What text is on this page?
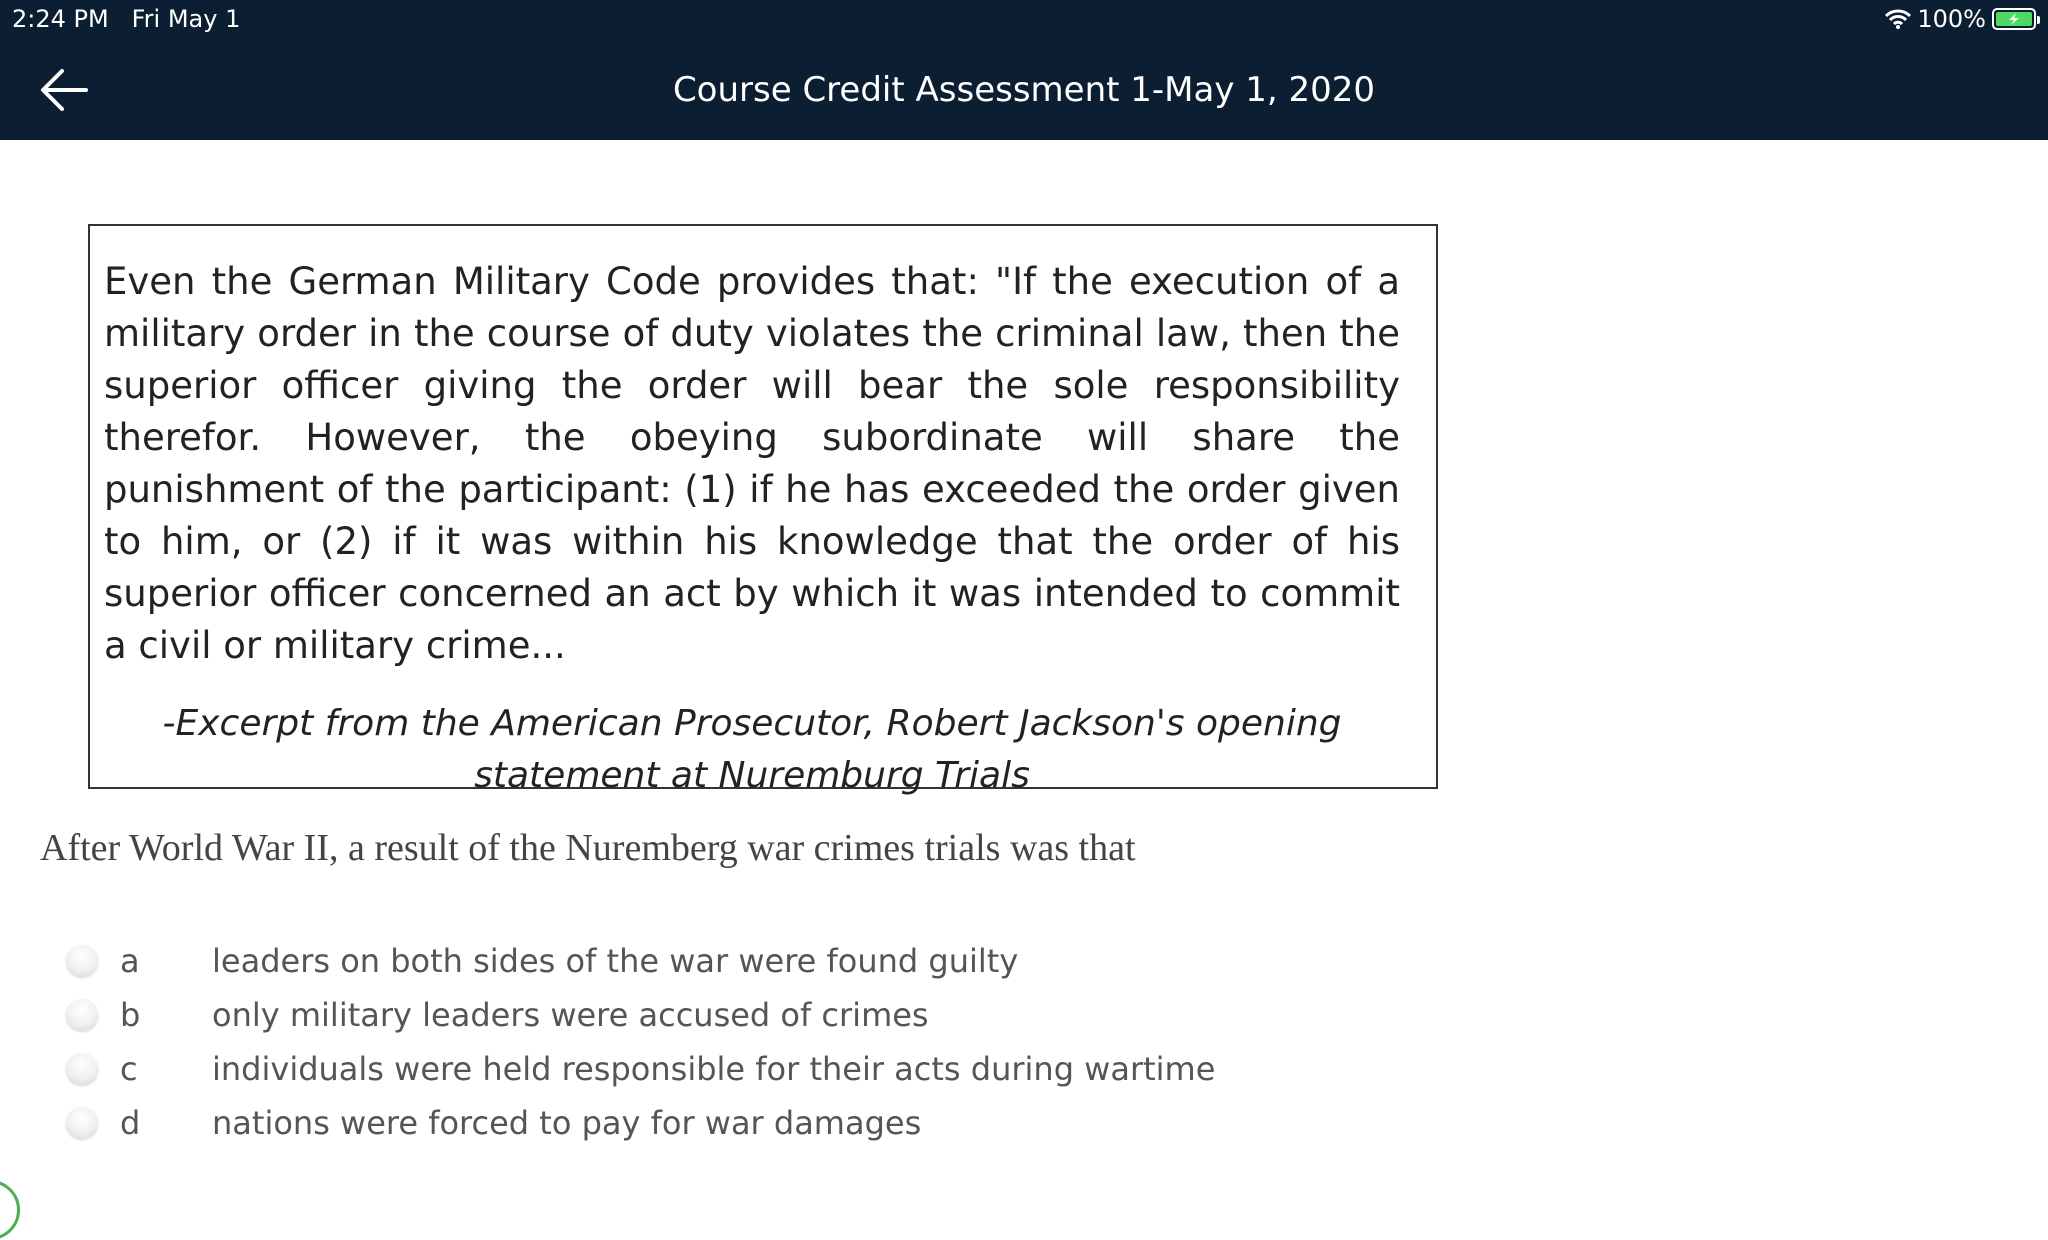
2:24 PM Fri May 1	100%
Course Credit Assessment 1-May 1, 2020

Even the German Military Code provides that: "If the execution of a military order in the course of duty violates the criminal law, then the superior officer giving the order will bear the sole responsibility therefor. However, the obeying subordinate will share the punishment of the participant: (1) if he has exceeded the order given to him, or (2) if it was within his knowledge that the order of his superior officer concerned an act by which it was intended to commit a civil or military crime...

-Excerpt from the American Prosecutor, Robert Jackson's opening statement at Nuremburg Trials

After World War II, a result of the Nuremberg war crimes trials was that
a	leaders on both sides of the war were found guilty
b	only military leaders were accused of crimes
c	individuals were held responsible for their acts during wartime
d	nations were forced to pay for war damages
